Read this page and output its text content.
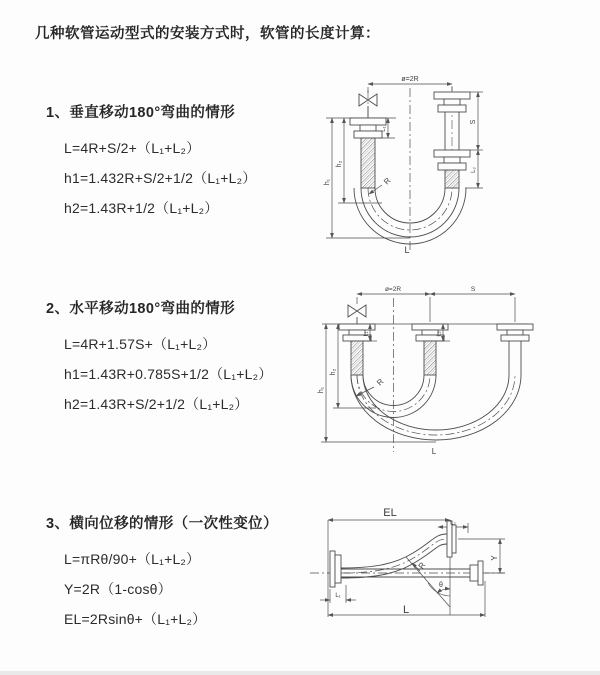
几种软管运动型式的安装方式时，软管的长度计算：
1、垂直移动180°弯曲的情形
L=4R+S/2+（L₁+L₂）
h1=1.432R+S/2+1/2（L₁+L₂）
h2=1.43R+1/2（L₁+L₂）
2、水平移动180°弯曲的情形
L=4R+1.57S+（L₁+L₂）
h1=1.43R+0.785S+1/2（L₁+L₂）
h2=1.43R+S/2+1/2（L₁+L₂）
3、横向位移的情形（一次性变位）
L=πRθ/90+（L₁+L₂）
Y=2R（1-cosθ）
EL=2Rsinθ+（L₁+L₂）
ø=2R
h₁
h₂
L₁
S
L₂
R
L
ø=2R	S
h₁
h₂
L₁	L₂
R
L
EL
L₂
Y
R
θ
L₁
L
